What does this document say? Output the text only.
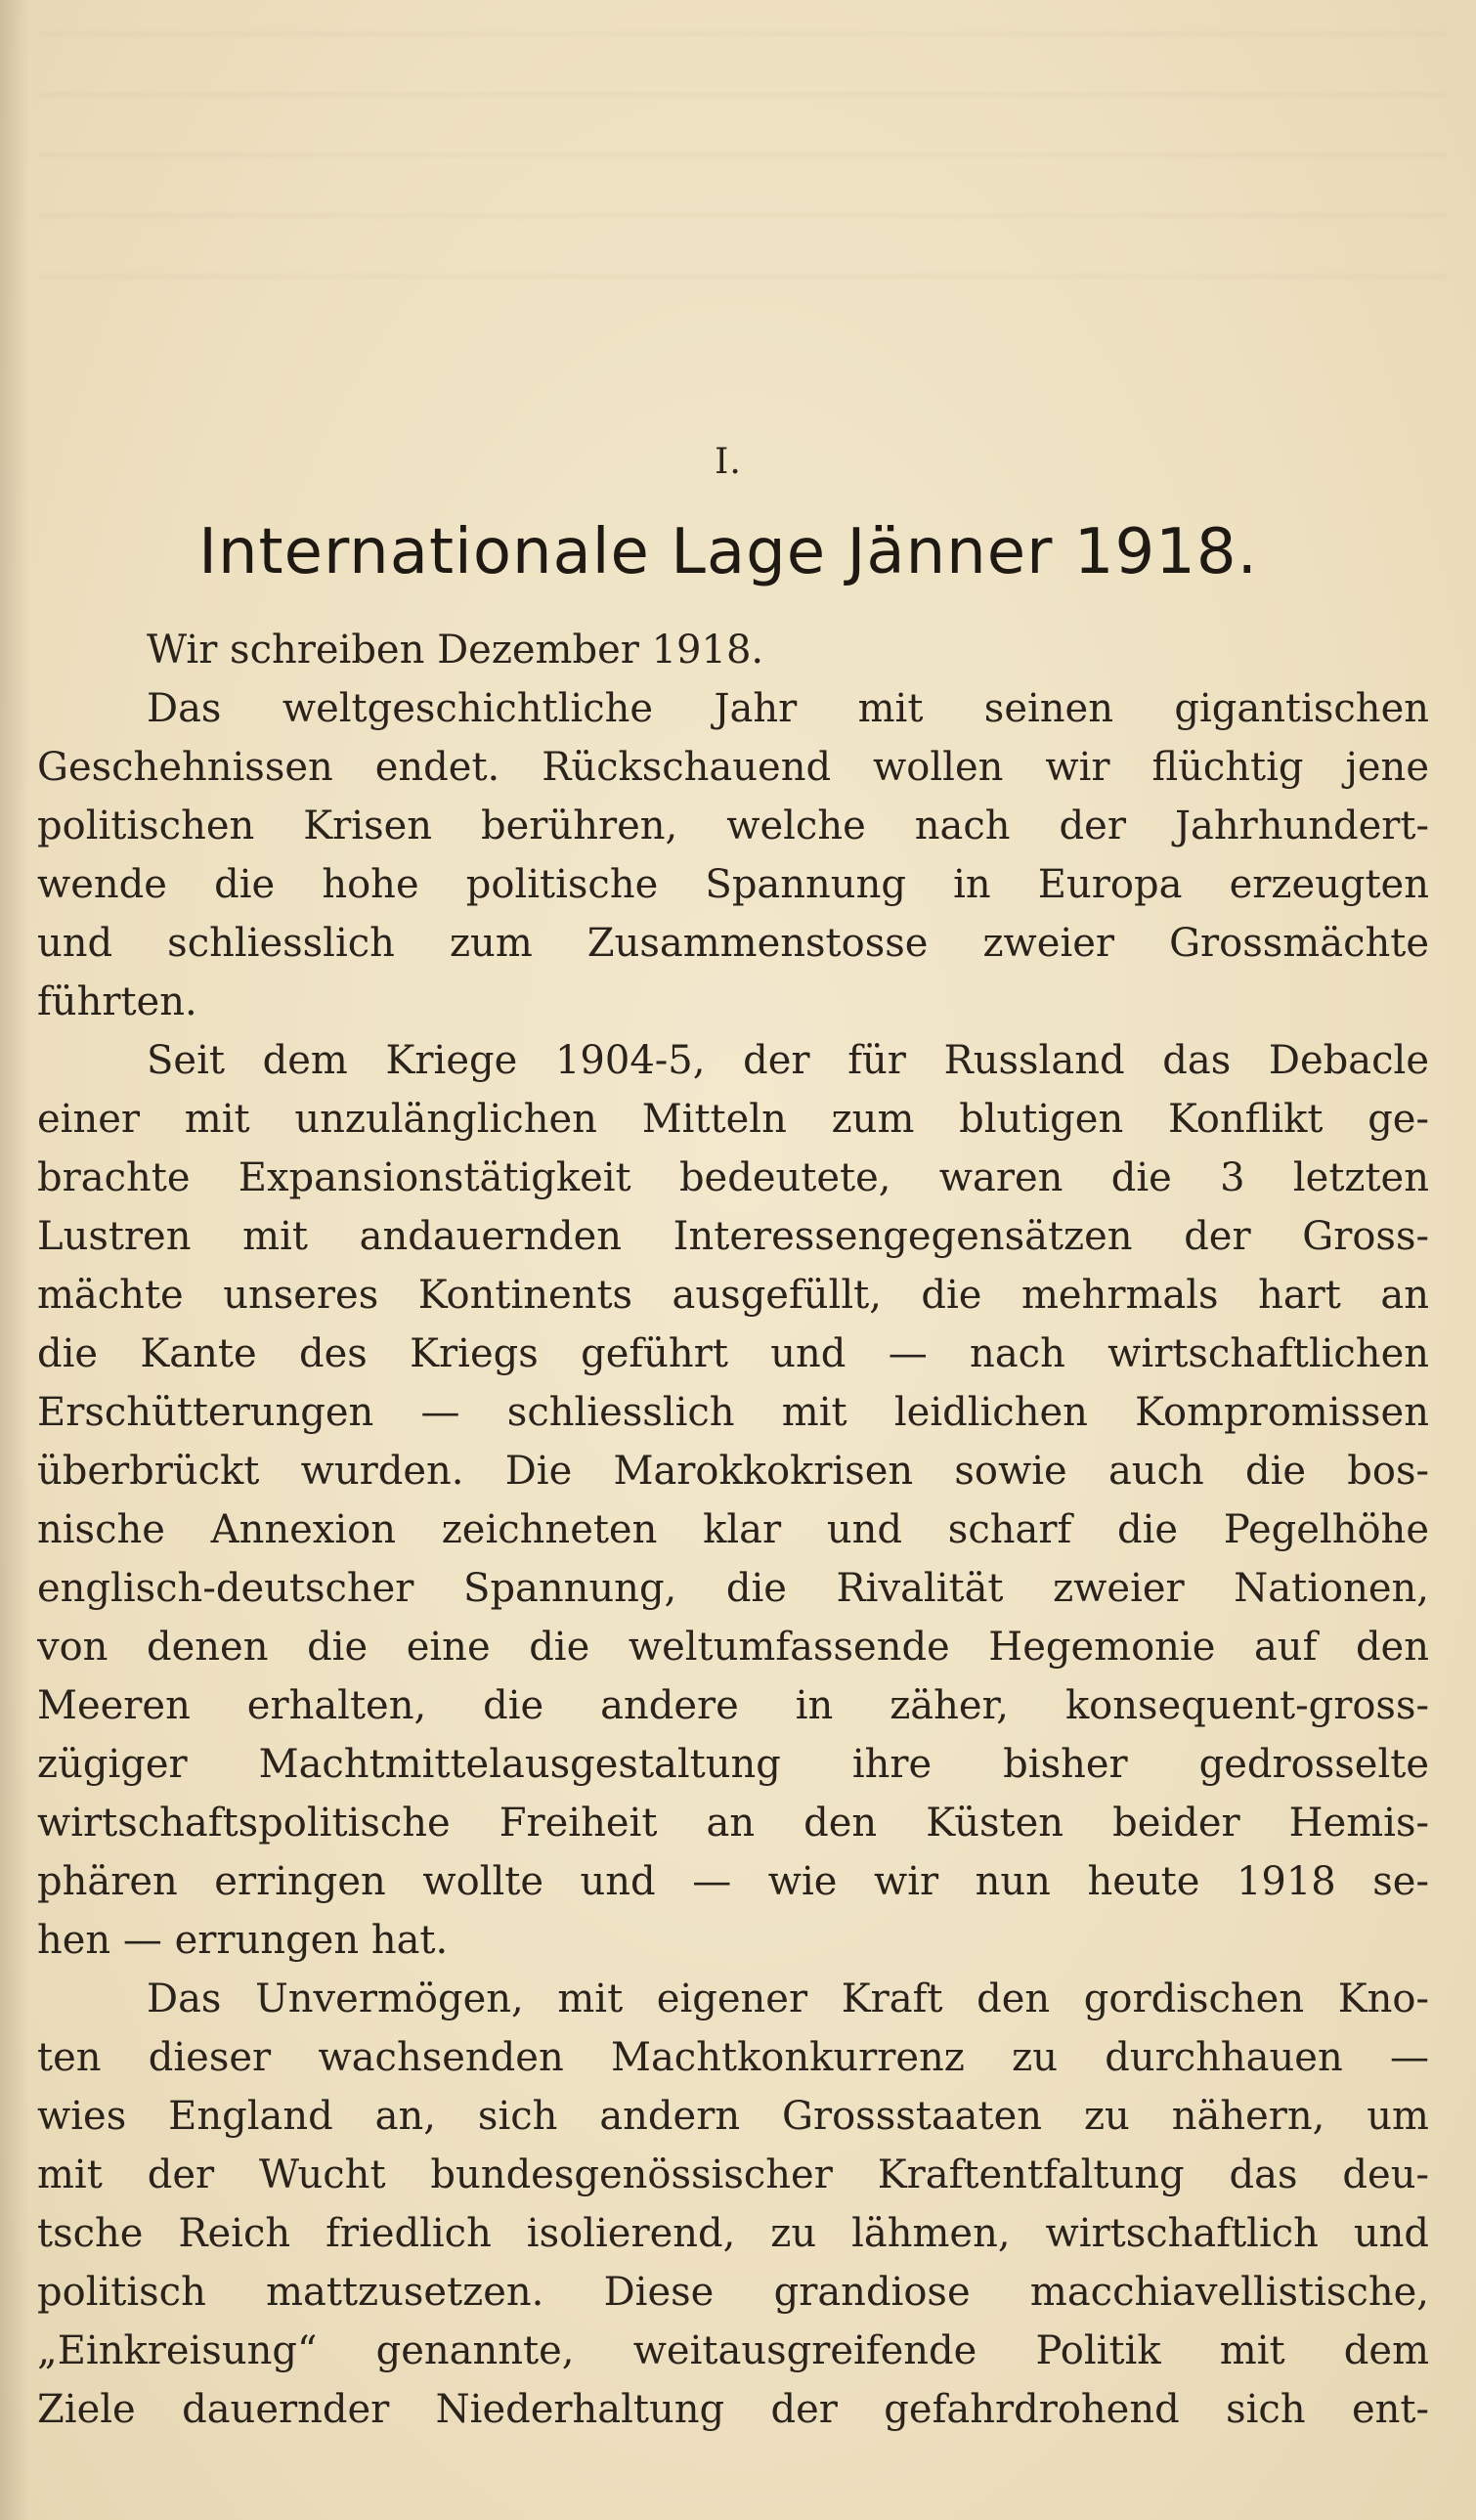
I.
Internationale Lage Jänner 1918.
Wir schreiben Dezember 1918.
Das weltgeschichtliche Jahr mit seinen gigantischen
Geschehnissen endet. Rückschauend wollen wir flüchtig jene
politischen Krisen berühren, welche nach der Jahrhundert-
wende die hohe politische Spannung in Europa erzeugten
und schliesslich zum Zusammenstosse zweier Grossmächte
führten.
Seit dem Kriege 1904-5, der für Russland das Debacle
einer mit unzulänglichen Mitteln zum blutigen Konflikt ge-
brachte Expansionstätigkeit bedeutete, waren die 3 letzten
Lustren mit andauernden Interessengegensätzen der Gross-
mächte unseres Kontinents ausgefüllt, die mehrmals hart an
die Kante des Kriegs geführt und — nach wirtschaftlichen
Erschütterungen — schliesslich mit leidlichen Kompromissen
überbrückt wurden. Die Marokkokrisen sowie auch die bos-
nische Annexion zeichneten klar und scharf die Pegelhöhe
englisch-deutscher Spannung, die Rivalität zweier Nationen,
von denen die eine die weltumfassende Hegemonie auf den
Meeren erhalten, die andere in zäher, konsequent-gross-
zügiger Machtmittelausgestaltung ihre bisher gedrosselte
wirtschaftspolitische Freiheit an den Küsten beider Hemis-
phären erringen wollte und — wie wir nun heute 1918 se-
hen — errungen hat.
Das Unvermögen, mit eigener Kraft den gordischen Kno-
ten dieser wachsenden Machtkonkurrenz zu durchhauen —
wies England an, sich andern Grossstaaten zu nähern, um
mit der Wucht bundesgenössischer Kraftentfaltung das deu-
tsche Reich friedlich isolierend, zu lähmen, wirtschaftlich und
politisch mattzusetzen. Diese grandiose macchiavellistische,
„Einkreisung“ genannte, weitausgreifende Politik mit dem
Ziele dauernder Niederhaltung der gefahrdrohend sich ent-
